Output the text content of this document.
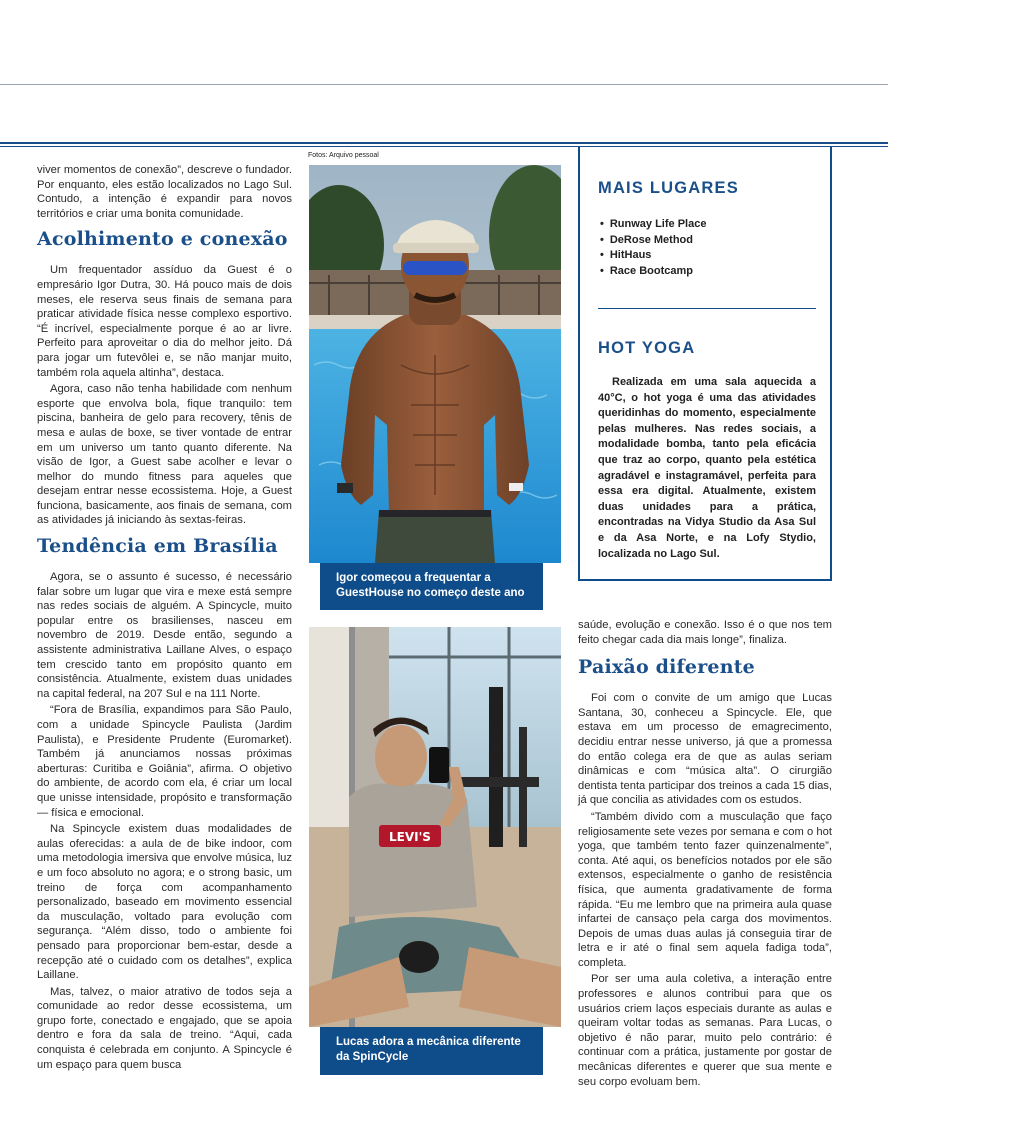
viver momentos de conexão”, descreve o fundador. Por enquanto, eles estão localizados no Lago Sul. Contudo, a intenção é expandir para novos territórios e criar uma bonita comunidade.

Acolhimento e conexão

Um frequentador assíduo da Guest é o empresário Igor Dutra, 30. Há pouco mais de dois meses, ele reserva seus finais de semana para praticar atividade física nesse complexo esportivo. “É incrível, especialmente porque é ao ar livre. Perfeito para aproveitar o dia do melhor jeito. Dá para jogar um futevôlei e, se não manjar muito, também rola aquela altinha”, destaca.

Agora, caso não tenha habilidade com nenhum esporte que envolva bola, fique tranquilo: tem piscina, banheira de gelo para recovery, tênis de mesa e aulas de boxe, se tiver vontade de entrar em um universo um tanto quanto diferente. Na visão de Igor, a Guest sabe acolher e levar o melhor do mundo fitness para aqueles que desejam entrar nesse ecossistema. Hoje, a Guest funciona, basicamente, aos finais de semana, com as atividades já iniciando às sextas-feiras.

Tendência em Brasília

Agora, se o assunto é sucesso, é necessário falar sobre um lugar que vira e mexe está sempre nas redes sociais de alguém. A Spincycle, muito popular entre os brasilienses, nasceu em novembro de 2019. Desde então, segundo a assistente administrativa Laillane Alves, o espaço tem crescido tanto em propósito quanto em consistência. Atualmente, existem duas unidades na capital federal, na 207 Sul e na 111 Norte.

“Fora de Brasília, expandimos para São Paulo, com a unidade Spincycle Paulista (Jardim Paulista), e Presidente Prudente (Euromarket). Também já anunciamos nossas próximas aberturas: Curitiba e Goiânia”, afirma. O objetivo do ambiente, de acordo com ela, é criar um local que unisse intensidade, propósito e transformação — física e emocional.

Na Spincycle existem duas modalidades de aulas oferecidas: a aula de de bike indoor, com uma metodologia imersiva que envolve música, luz e um foco absoluto no agora; e o strong basic, um treino de força com acompanhamento personalizado, baseado em movimento essencial da musculação, voltado para evolução com segurança. “Além disso, todo o ambiente foi pensado para proporcionar bem-estar, desde a recepção até o cuidado com os detalhes”, explica Laillane.

Mas, talvez, o maior atrativo de todos seja a comunidade ao redor desse ecossistema, um grupo forte, conectado e engajado, que se apoia dentro e fora da sala de treino. “Aqui, cada conquista é celebrada em conjunto. A Spincycle é um espaço para quem busca

Fotos: Arquivo pessoal
Igor começou a frequentar a GuestHouse no começo deste ano
LEVI'S
Lucas adora a mecânica diferente da SpinCycle
MAIS LUGARES
• Runway Life Place
• DeRose Method
• HitHaus
• Race Bootcamp
HOT YOGA

Realizada em uma sala aquecida a 40°C, o hot yoga é uma das atividades queridinhas do momento, especialmente pelas mulheres. Nas redes sociais, a modalidade bomba, tanto pela eficácia que traz ao corpo, quanto pela estética agradável e instagramável, perfeita para essa era digital. Atualmente, existem duas unidades para a prática, encontradas na Vidya Studio da Asa Sul e da Asa Norte, e na Lofy Stydio, localizada no Lago Sul.

saúde, evolução e conexão. Isso é o que nos tem feito chegar cada dia mais longe”, finaliza.

Paixão diferente

Foi com o convite de um amigo que Lucas Santana, 30, conheceu a Spincycle. Ele, que estava em um processo de emagrecimento, decidiu entrar nesse universo, já que a promessa do então colega era de que as aulas seriam dinâmicas e com “música alta”. O cirurgião dentista tenta participar dos treinos a cada 15 dias, já que concilia as atividades com os estudos.

“Também divido com a musculação que faço religiosamente sete vezes por semana e com o hot yoga, que também tento fazer quinzenalmente”, conta. Até aqui, os benefícios notados por ele são extensos, especialmente o ganho de resistência física, que aumenta gradativamente de forma rápida. “Eu me lembro que na primeira aula quase infartei de cansaço pela carga dos movimentos. Depois de umas duas aulas já conseguia tirar de letra e ir até o final sem aquela fadiga toda”, completa.

Por ser uma aula coletiva, a interação entre professores e alunos contribui para que os usuários criem laços especiais durante as aulas e queiram voltar todas as semanas. Para Lucas, o objetivo é não parar, muito pelo contrário: é continuar com a prática, justamente por gostar de mecânicas diferentes e querer que sua mente e seu corpo evoluam bem.
